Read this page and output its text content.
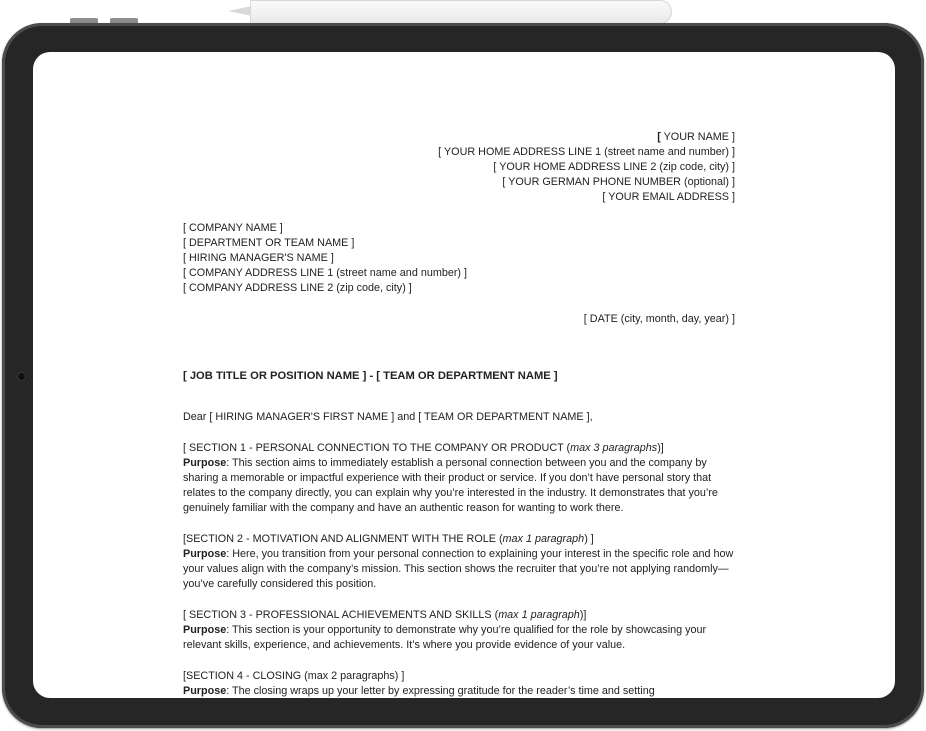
[ YOUR NAME ]
[ YOUR HOME ADDRESS LINE 1 (street name and number) ]
[ YOUR HOME ADDRESS LINE 2 (zip code, city) ]
[ YOUR GERMAN PHONE NUMBER (optional) ]
[ YOUR EMAIL ADDRESS ]
[ COMPANY NAME ]
[ DEPARTMENT OR TEAM NAME ]
[ HIRING MANAGER'S NAME ]
[ COMPANY ADDRESS LINE 1 (street name and number) ]
[ COMPANY ADDRESS LINE 2 (zip code, city) ]
[ DATE (city, month, day, year) ]
[ JOB TITLE OR POSITION NAME ] - [ TEAM OR DEPARTMENT NAME ]
Dear [ HIRING MANAGER'S FIRST NAME ] and [ TEAM OR DEPARTMENT NAME ],

[ SECTION 1 - PERSONAL CONNECTION TO THE COMPANY OR PRODUCT (max 3 paragraphs)]

Purpose: This section aims to immediately establish a personal connection between you and the company by sharing a memorable or impactful experience with their product or service. If you don’t have personal story that relates to the company directly, you can explain why you’re interested in the industry. It demonstrates that you’re genuinely familiar with the company and have an authentic reason for wanting to work there.

[SECTION 2 - MOTIVATION AND ALIGNMENT WITH THE ROLE (max 1 paragraph) ]

Purpose: Here, you transition from your personal connection to explaining your interest in the specific role and how your values align with the company’s mission. This section shows the recruiter that you’re not applying randomly—you’ve carefully considered this position.

[ SECTION 3 - PROFESSIONAL ACHIEVEMENTS AND SKILLS (max 1 paragraph)]

Purpose: This section is your opportunity to demonstrate why you’re qualified for the role by showcasing your relevant skills, experience, and achievements. It’s where you provide evidence of your value.

[SECTION 4 - CLOSING (max 2 paragraphs) ]

Purpose: The closing wraps up your letter by expressing gratitude for the reader’s time and setting
